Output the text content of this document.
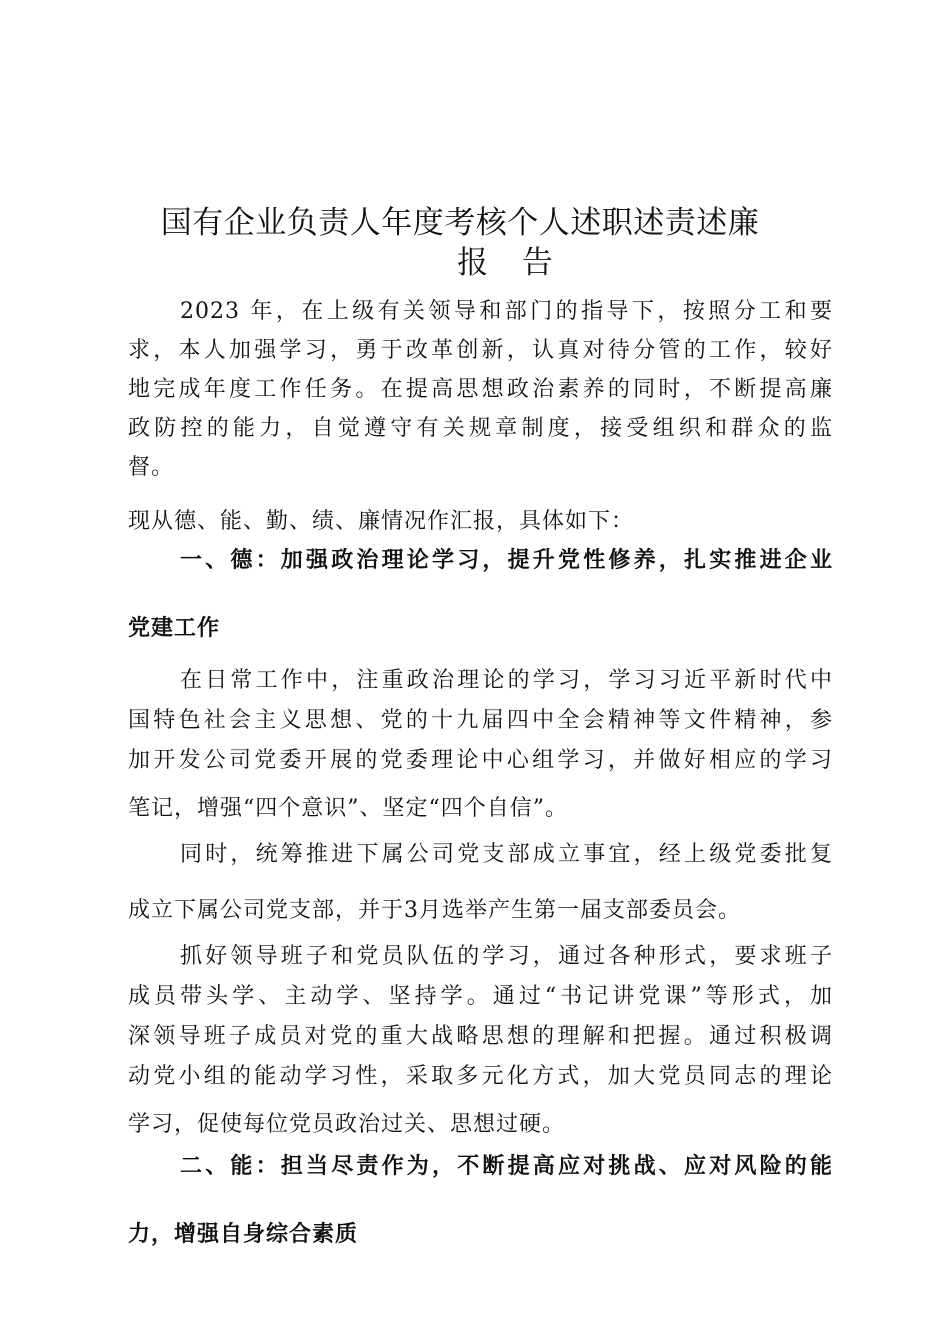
国有企业负责人年度考核个人述职述责述廉
报 告
2023 年，在上级有关领导和部门的指导下，按照分工和要
求，本人加强学习，勇于改革创新，认真对待分管的工作，较好
地完成年度工作任务。在提高思想政治素养的同时，不断提高廉
政防控的能力，自觉遵守有关规章制度，接受组织和群众的监
督。
现从德、能、勤、绩、廉情况作汇报，具体如下：
一、德：加强政治理论学习，提升党性修养，扎实推进企业
党建工作
在日常工作中，注重政治理论的学习，学习习近平新时代中
国特色社会主义思想、党的十九届四中全会精神等文件精神，参
加开发公司党委开展的党委理论中心组学习，并做好相应的学习
笔记，增强“四个意识”、坚定“四个自信”。
同时，统筹推进下属公司党支部成立事宜，经上级党委批复
成立下属公司党支部，并于3月选举产生第一届支部委员会。
抓好领导班子和党员队伍的学习，通过各种形式，要求班子
成员带头学、主动学、坚持学。通过“书记讲党课”等形式，加
深领导班子成员对党的重大战略思想的理解和把握。通过积极调
动党小组的能动学习性，采取多元化方式，加大党员同志的理论
学习，促使每位党员政治过关、思想过硬。
二、能：担当尽责作为，不断提高应对挑战、应对风险的能
力，增强自身综合素质
